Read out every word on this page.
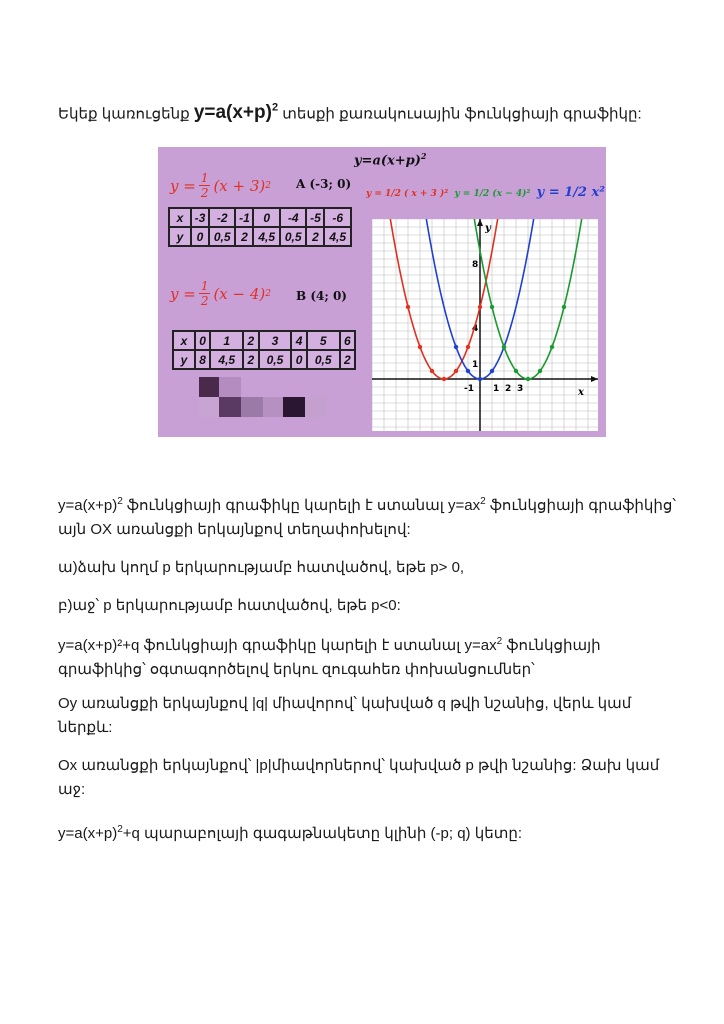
Եկեք կառուցենք $y=a(x+p)^2$ տեսքի քառակուսային ֆունկցիայի գրաֆիկը:
$y=a(x+p)^2$
$y = \frac{1}{2} (x + 3)$ 2 A (-3; 0)
x	-3	-2	-1	0	-4	-5	-6
y	0	0,5	2	4,5	0,5	2	4,5
$y = \frac{1}{2} (x - 4)$ 2 B (4; 0)
x	0	1	2	3	4	5	6
y	8	4,5	2	0,5	0	0,5	2
y = 1/2 ( x + 3 )² y = 1/2 (x − 4)² y = 1/2 x²
x
y
-1 1 2 3
8
4
1
$y=a(x+p)^2$ ֆունկցիայի գրաֆիկը կարելի է ստանալ $y=ax^2$ ֆունկցիայի գրաֆիկից՝ այն OX առանցքի երկայնքով տեղափոխելով:
ա)ձախ կողմ p երկարությամբ հատվածով, եթե p> 0,
բ)աջ՝ p երկարությամբ հատվածով, եթե p<0:
y=a(x+p)²+q ֆունկցիայի գրաֆիկը կարելի է ստանալ $y=ax^2$ ֆունկցիայի գրաֆիկից՝ օգտագործելով երկու զուգահեռ փոխանցումներ՝
Oy առանցքի երկայնքով |q| միավորով՝ կախված q թվի նշանից, վերև կամ ներքև:
Ox առանցքի երկայնքով՝ |p|միավորներով՝ կախված p թվի նշանից: Ձախ կամ աջ:
$y=a(x+p)^2+q$ պարաբոլայի գագաթնակետը կլինի (-p; q) կետը:
